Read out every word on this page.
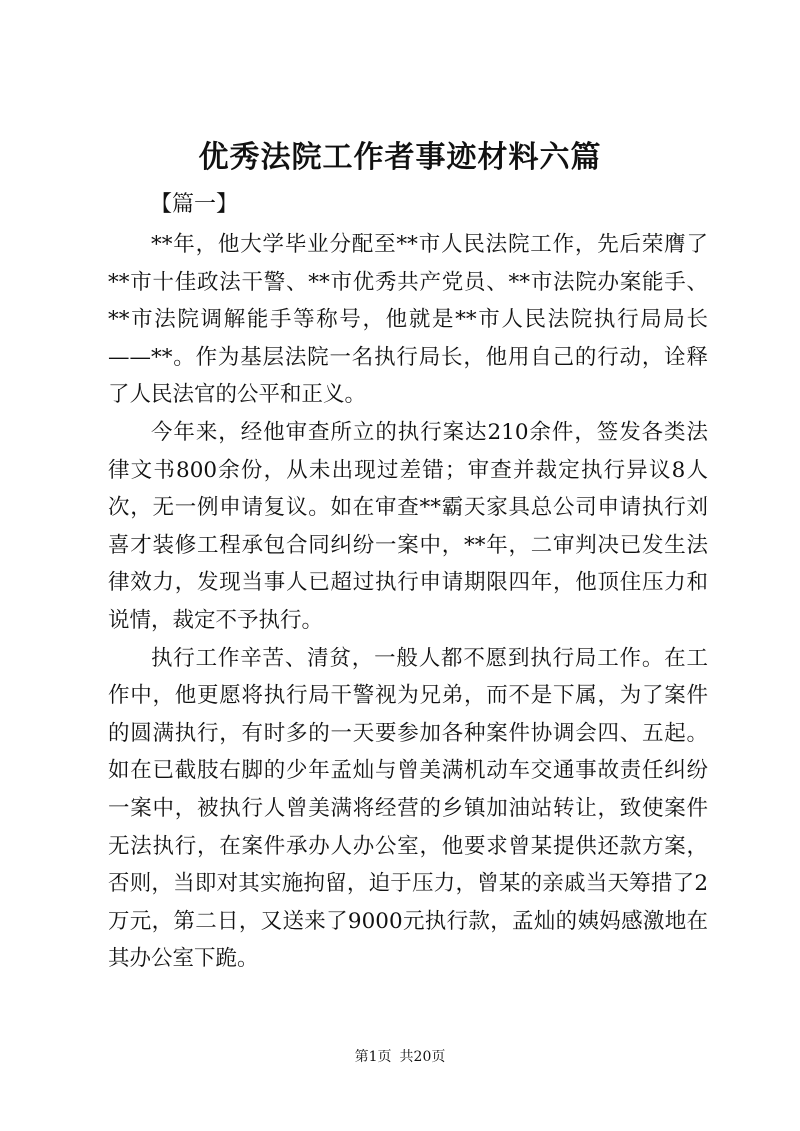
优秀法院工作者事迹材料六篇
【篇一】

**年，他大学毕业分配至**市人民法院工作，先后荣膺了**市十佳政法干警、**市优秀共产党员、**市法院办案能手、**市法院调解能手等称号，他就是**市人民法院执行局局长——**。作为基层法院一名执行局长，他用自己的行动，诠释了人民法官的公平和正义。

今年来，经他审查所立的执行案达210余件，签发各类法律文书800余份，从未出现过差错；审查并裁定执行异议8人次，无一例申请复议。如在审查**霸天家具总公司申请执行刘喜才装修工程承包合同纠纷一案中，**年，二审判决已发生法律效力，发现当事人已超过执行申请期限四年，他顶住压力和说情，裁定不予执行。

执行工作辛苦、清贫，一般人都不愿到执行局工作。在工作中，他更愿将执行局干警视为兄弟，而不是下属，为了案件的圆满执行，有时多的一天要参加各种案件协调会四、五起。如在已截肢右脚的少年孟灿与曾美满机动车交通事故责任纠纷一案中，被执行人曾美满将经营的乡镇加油站转让，致使案件无法执行，在案件承办人办公室，他要求曾某提供还款方案，否则，当即对其实施拘留，迫于压力，曾某的亲戚当天筹措了2万元，第二日，又送来了9000元执行款，孟灿的姨妈感激地在其办公室下跪。

第1页 共20页
